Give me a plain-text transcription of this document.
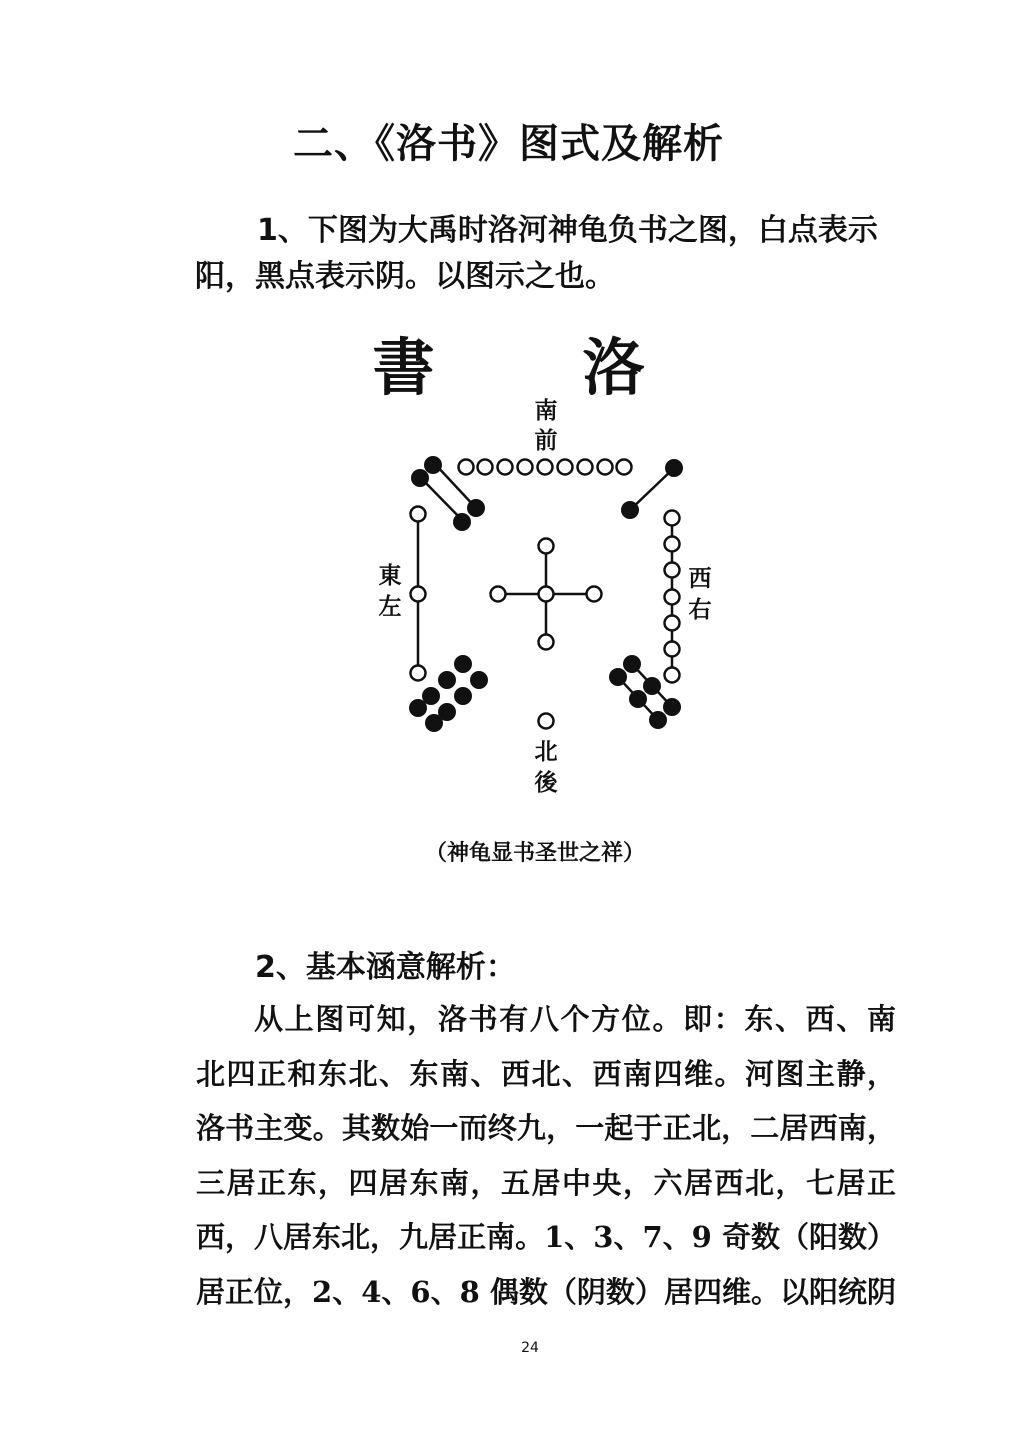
二、《洛书》图式及解析
1、下图为大禹时洛河神龟负书之图，白点表示
阳，黑点表示阴。以图示之也。
書 洛
南
前
東
左
西
右
北
後
（神龟显书圣世之祥）
2、基本涵意解析：
从上图可知，洛书有八个方位。即：东、西、南
北四正和东北、东南、西北、西南四维。河图主静，
洛书主变。其数始一而终九，一起于正北，二居西南，
三居正东，四居东南，五居中央，六居西北，七居正
西，八居东北，九居正南。1、3、7、9 奇数（阳数）
居正位，2、4、6、8 偶数（阴数）居四维。以阳统阴
24
